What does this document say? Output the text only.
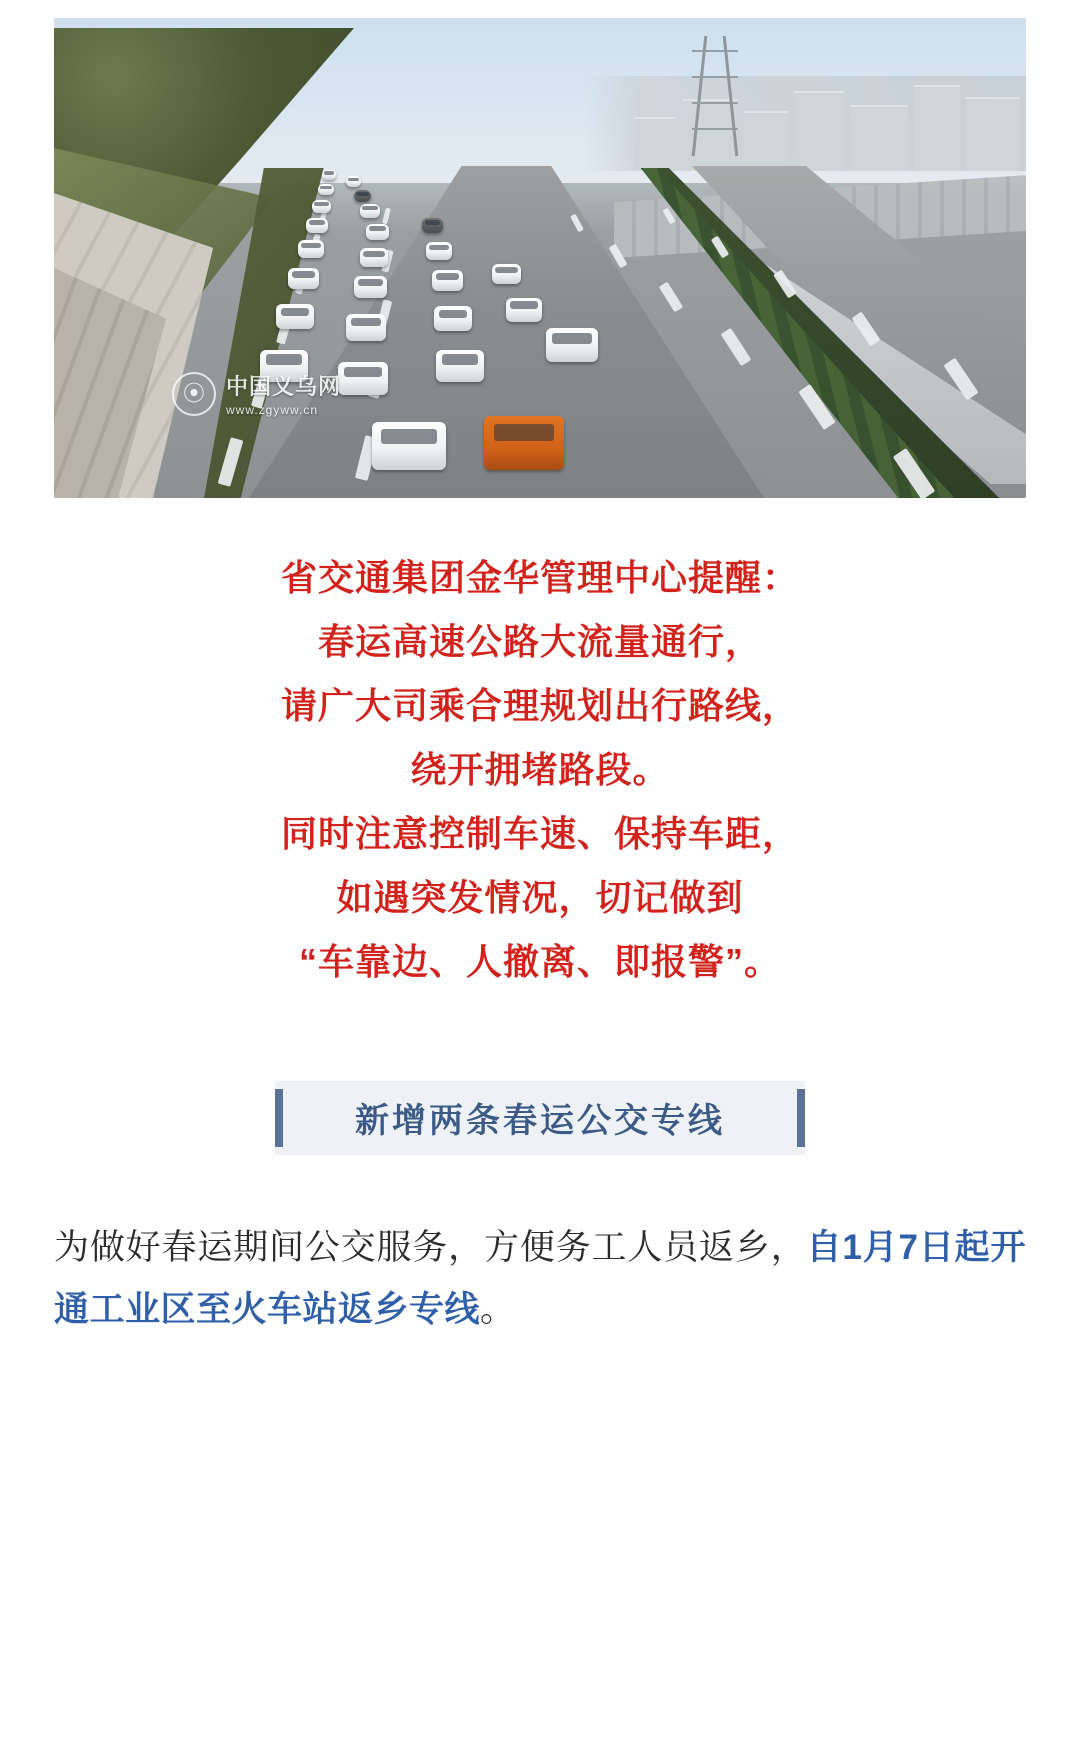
⦿ 中国义乌网
www.zgyww.cn

省交通集团金华管理中心提醒：

春运高速公路大流量通行，

请广大司乘合理规划出行路线，

绕开拥堵路段。

同时注意控制车速、保持车距，

如遇突发情况，切记做到

“车靠边、人撤离、即报警”。

新增两条春运公交专线

为做好春运期间公交服务，方便务工人员返乡，自1月7日起开通工业区至火车站返乡专线。
